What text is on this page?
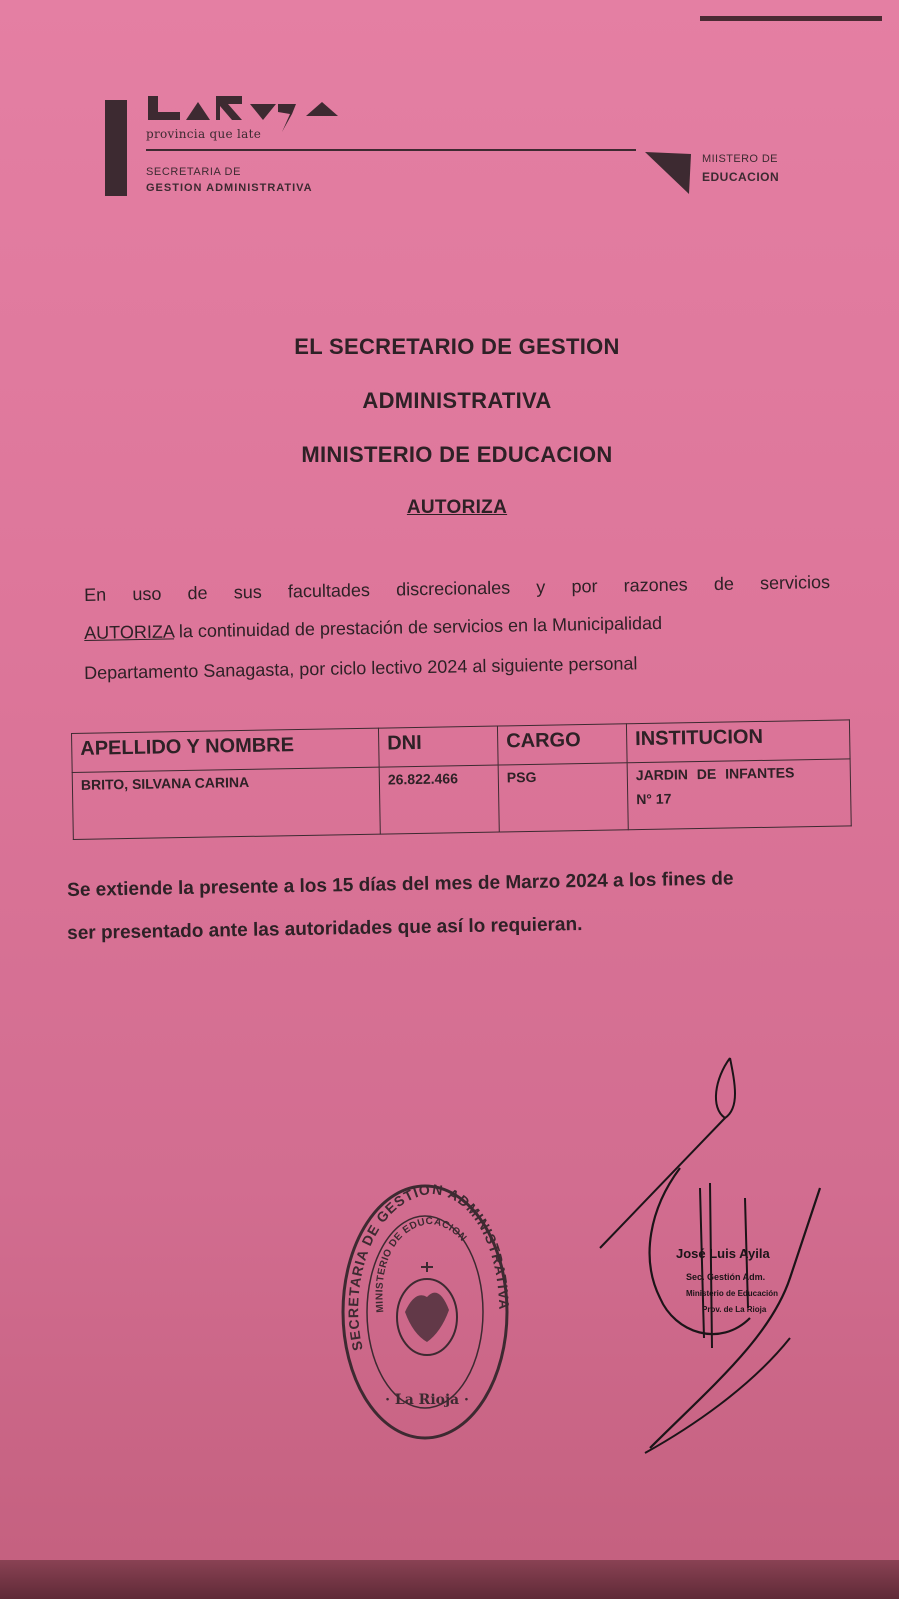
provincia que late
SECRETARIA DE
GESTION ADMINISTRATIVA
MIISTERO DE
EDUCACION
EL SECRETARIO DE GESTION
ADMINISTRATIVA
MINISTERIO DE EDUCACION
AUTORIZA
En uso de sus facultades discrecionales y por razones de servicios
AUTORIZA la continuidad de prestación de servicios en la Municipalidad
Departamento Sanagasta, por ciclo lectivo 2024 al siguiente personal
APELLIDO Y NOMBRE	DNI	CARGO	INSTITUCION
BRITO, SILVANA CARINA	26.822.466	PSG	JARDIN DE INFANTES
N° 17
Se extiende la presente a los 15 días del mes de Marzo 2024 a los fines de
ser presentado ante las autoridades que así lo requieran.
SECRETARIA DE GESTION ADMINISTRATIVA
MINISTERIO DE EDUCACION
· La Rioja ·
José Luis Ayila
Sec. Gestión Adm.
Ministerio de Educación
Prov. de La Rioja
